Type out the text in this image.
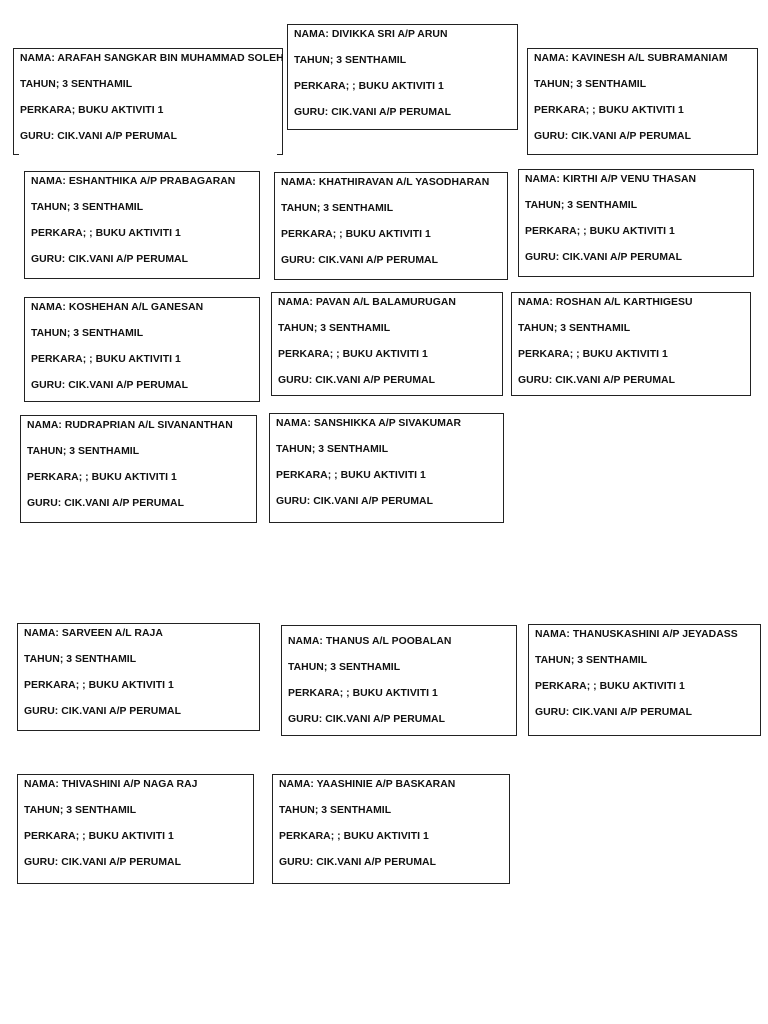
NAMA: ARAFAH SANGKAR BIN MUHAMMAD SOLEH
TAHUN; 3 SENTHAMIL
PERKARA; BUKU AKTIVITI 1
GURU: CIK.VANI A/P PERUMAL
NAMA: DIVIKKA SRI A/P ARUN
TAHUN; 3 SENTHAMIL
PERKARA; ; BUKU AKTIVITI 1
GURU: CIK.VANI A/P PERUMAL
NAMA: KAVINESH A/L SUBRAMANIAM
TAHUN; 3 SENTHAMIL
PERKARA; ; BUKU AKTIVITI 1
GURU: CIK.VANI A/P PERUMAL
NAMA: ESHANTHIKA A/P PRABAGARAN
TAHUN; 3 SENTHAMIL
PERKARA; ; BUKU AKTIVITI 1
GURU: CIK.VANI A/P PERUMAL
NAMA: KHATHIRAVAN A/L YASODHARAN
TAHUN; 3 SENTHAMIL
PERKARA; ; BUKU AKTIVITI 1
GURU: CIK.VANI A/P PERUMAL
NAMA: KIRTHI A/P VENU THASAN
TAHUN; 3 SENTHAMIL
PERKARA; ; BUKU AKTIVITI 1
GURU: CIK.VANI A/P PERUMAL
NAMA: KOSHEHAN A/L GANESAN
TAHUN; 3 SENTHAMIL
PERKARA; ; BUKU AKTIVITI 1
GURU: CIK.VANI A/P PERUMAL
NAMA: PAVAN A/L BALAMURUGAN
TAHUN; 3 SENTHAMIL
PERKARA; ; BUKU AKTIVITI 1
GURU: CIK.VANI A/P PERUMAL
NAMA: ROSHAN A/L KARTHIGESU
TAHUN; 3 SENTHAMIL
PERKARA; ; BUKU AKTIVITI 1
GURU: CIK.VANI A/P PERUMAL
NAMA: RUDRAPRIAN A/L SIVANANTHAN
TAHUN; 3 SENTHAMIL
PERKARA; ; BUKU AKTIVITI 1
GURU: CIK.VANI A/P PERUMAL
NAMA: SANSHIKKA A/P SIVAKUMAR
TAHUN; 3 SENTHAMIL
PERKARA; ; BUKU AKTIVITI 1
GURU: CIK.VANI A/P PERUMAL
NAMA: SARVEEN A/L RAJA
TAHUN; 3 SENTHAMIL
PERKARA; ; BUKU AKTIVITI 1
GURU: CIK.VANI A/P PERUMAL
NAMA: THANUS A/L POOBALAN
TAHUN; 3 SENTHAMIL
PERKARA; ; BUKU AKTIVITI 1
GURU: CIK.VANI A/P PERUMAL
NAMA: THANUSKASHINI A/P JEYADASS
TAHUN; 3 SENTHAMIL
PERKARA; ; BUKU AKTIVITI 1
GURU: CIK.VANI A/P PERUMAL
NAMA: THIVASHINI A/P NAGA RAJ
TAHUN; 3 SENTHAMIL
PERKARA; ; BUKU AKTIVITI 1
GURU: CIK.VANI A/P PERUMAL
NAMA: YAASHINIE A/P BASKARAN
TAHUN; 3 SENTHAMIL
PERKARA; ; BUKU AKTIVITI 1
GURU: CIK.VANI A/P PERUMAL
